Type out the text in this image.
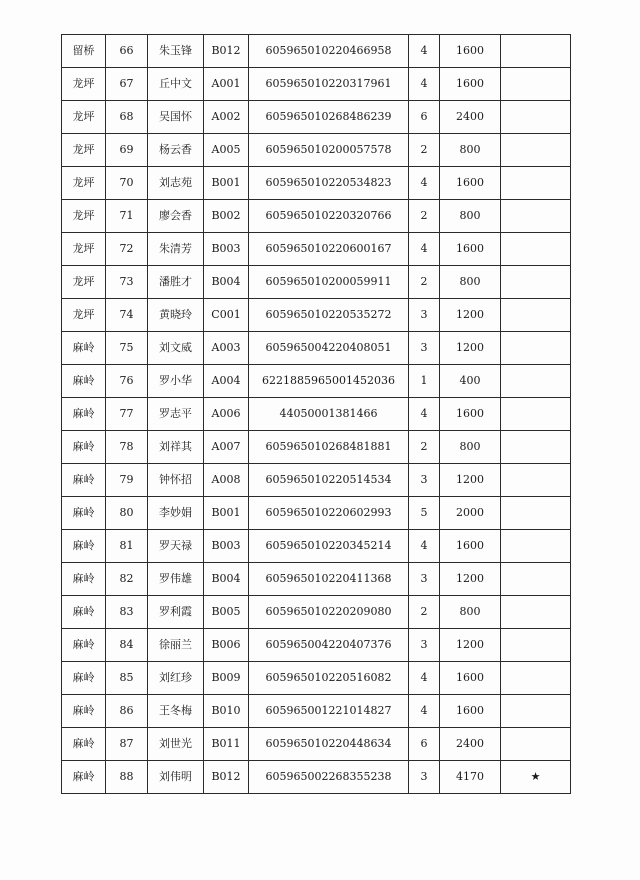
留桥	66	朱玉锋	B012	605965010220466958	4	1600	
龙坪	67	丘中文	A001	605965010220317961	4	1600	
龙坪	68	吴国怀	A002	605965010268486239	6	2400	
龙坪	69	杨云香	A005	605965010200057578	2	800	
龙坪	70	刘志苑	B001	605965010220534823	4	1600	
龙坪	71	廖会香	B002	605965010220320766	2	800	
龙坪	72	朱清芳	B003	605965010220600167	4	1600	
龙坪	73	潘胜才	B004	605965010200059911	2	800	
龙坪	74	黄晓玲	C001	605965010220535272	3	1200	
麻岭	75	刘文威	A003	605965004220408051	3	1200	
麻岭	76	罗小华	A004	6221885965001452036	1	400	
麻岭	77	罗志平	A006	44050001381466	4	1600	
麻岭	78	刘祥其	A007	605965010268481881	2	800	
麻岭	79	钟怀招	A008	605965010220514534	3	1200	
麻岭	80	李妙娟	B001	605965010220602993	5	2000	
麻岭	81	罗天禄	B003	605965010220345214	4	1600	
麻岭	82	罗伟雄	B004	605965010220411368	3	1200	
麻岭	83	罗利霞	B005	605965010220209080	2	800	
麻岭	84	徐丽兰	B006	605965004220407376	3	1200	
麻岭	85	刘红珍	B009	605965010220516082	4	1600	
麻岭	86	王冬梅	B010	605965001221014827	4	1600	
麻岭	87	刘世光	B011	605965010220448634	6	2400	
麻岭	88	刘伟明	B012	605965002268355238	3	4170	★
